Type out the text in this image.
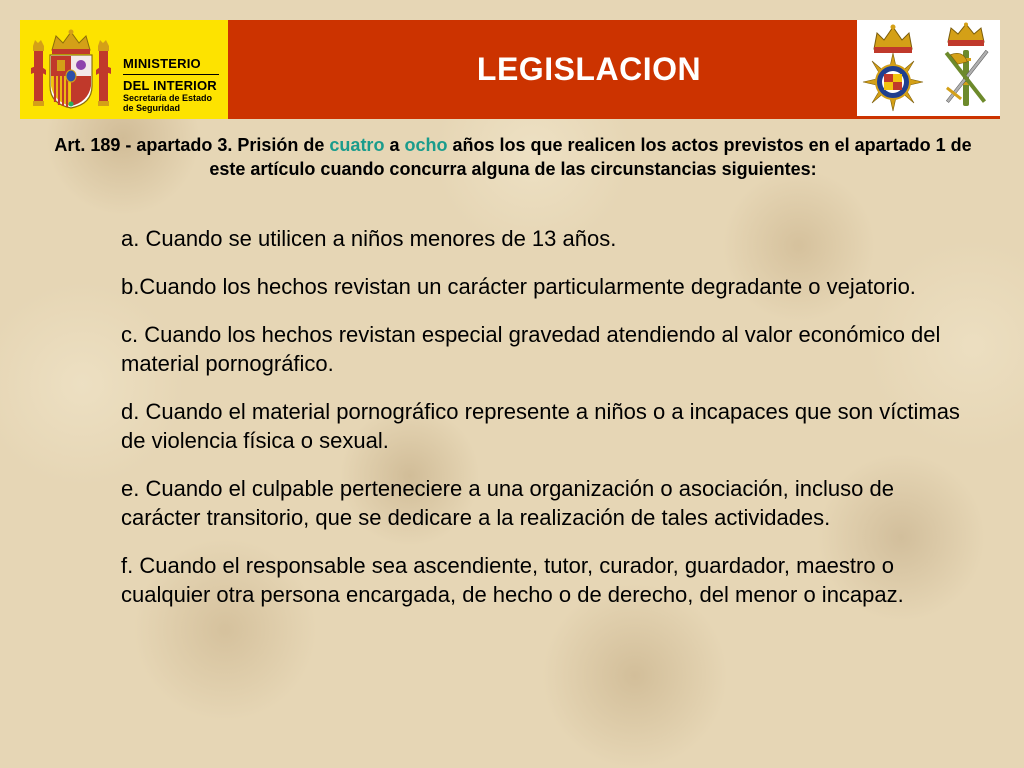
MINISTERIO
DEL INTERIOR
Secretaría de Estado
de Seguridad
LEGISLACION
Art. 189 - apartado 3. Prisión de cuatro a ocho años los que realicen los actos previstos en el apartado 1 de este artículo cuando concurra alguna de las circunstancias siguientes:
a. Cuando se utilicen a niños menores de 13 años.
b.Cuando los hechos revistan un carácter particularmente degradante o vejatorio.
c. Cuando los hechos revistan especial gravedad atendiendo al valor económico del material pornográfico.
d. Cuando el material pornográfico represente a niños o a incapaces que son víctimas de violencia física o sexual.
e. Cuando el culpable perteneciere a una organización o asociación, incluso de carácter transitorio, que se dedicare a la realización de tales actividades.
f. Cuando el responsable sea ascendiente, tutor, curador, guardador, maestro o cualquier otra persona encargada, de hecho o de derecho, del menor o incapaz.
